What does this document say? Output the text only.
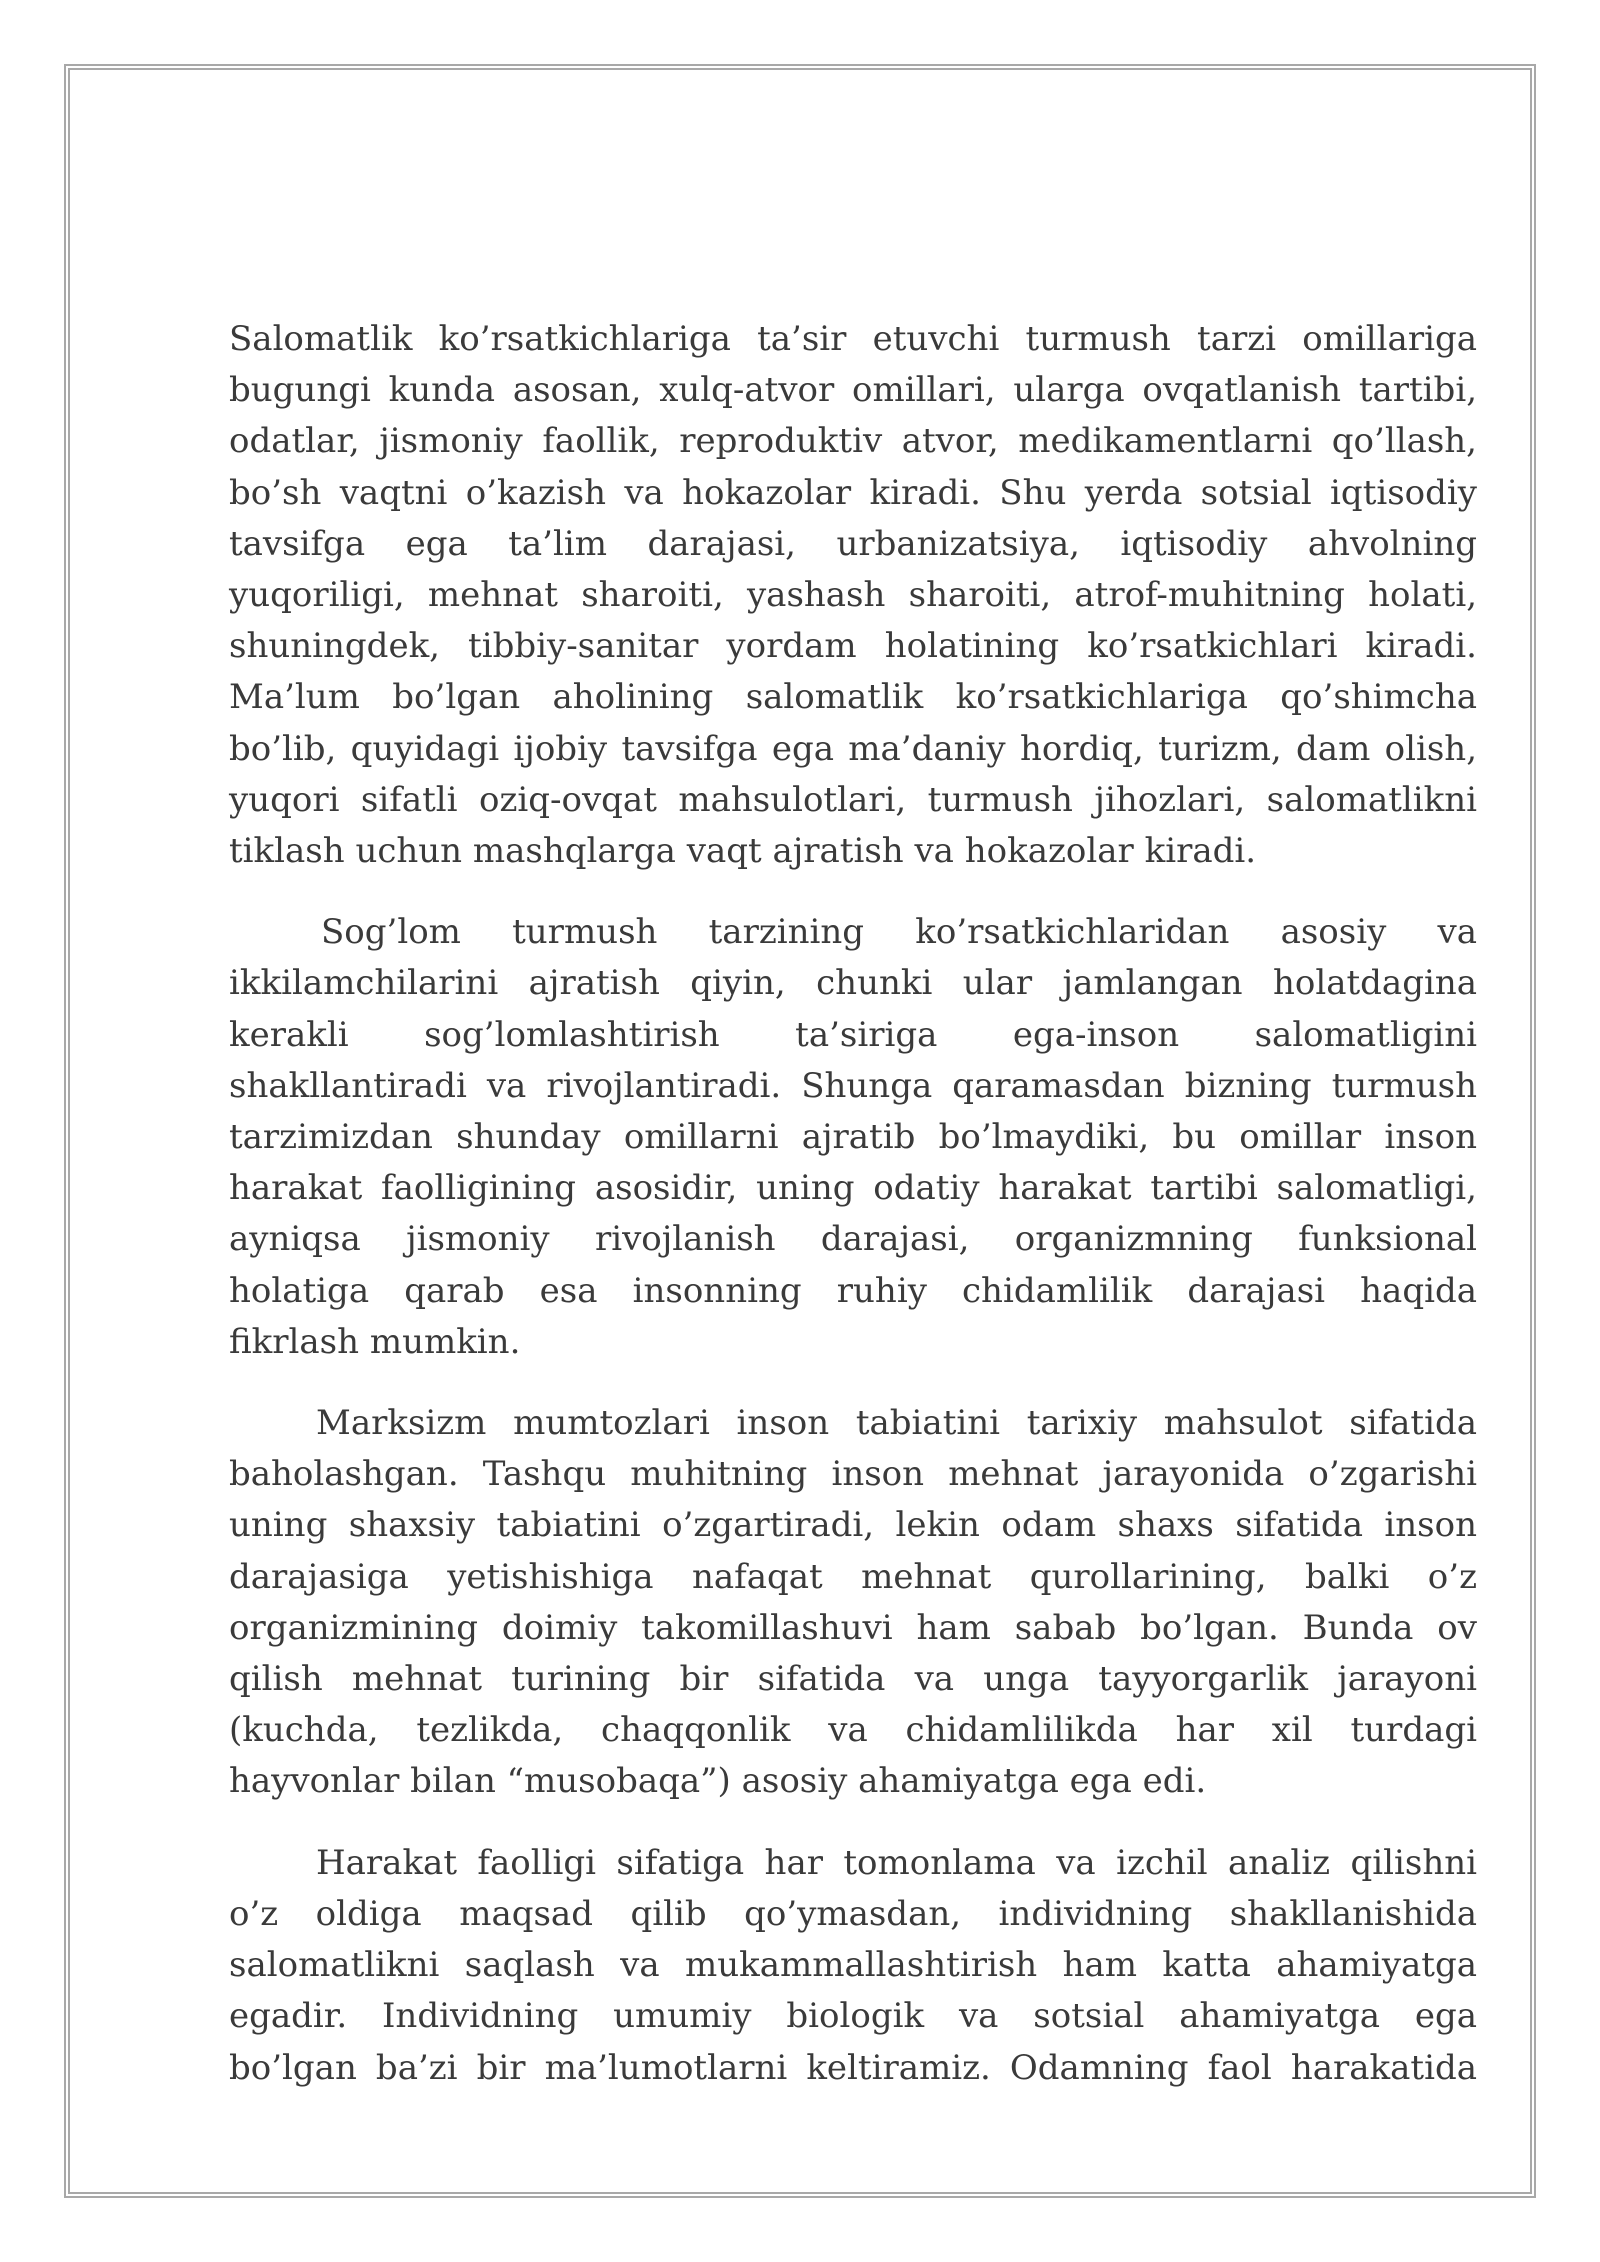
Salomatlik ko’rsatkichlariga ta’sir etuvchi turmush tarzi omillariga
bugungi kunda asosan, xulq-atvor omillari, ularga ovqatlanish tartibi,
odatlar, jismoniy faollik, reproduktiv atvor, medikamentlarni qo’llash,
bo’sh vaqtni o’kazish va hokazolar kiradi. Shu yerda sotsial iqtisodiy
tavsifga ega ta’lim darajasi, urbanizatsiya, iqtisodiy ahvolning
yuqoriligi, mehnat sharoiti, yashash sharoiti, atrof-muhitning holati,
shuningdek, tibbiy-sanitar yordam holatining ko’rsatkichlari kiradi.
Ma’lum bo’lgan aholining salomatlik ko’rsatkichlariga qo’shimcha
bo’lib, quyidagi ijobiy tavsifga ega ma’daniy hordiq, turizm, dam olish,
yuqori sifatli oziq-ovqat mahsulotlari, turmush jihozlari, salomatlikni
tiklash uchun mashqlarga vaqt ajratish va hokazolar kiradi.
Sog’lom turmush tarzining ko’rsatkichlaridan asosiy va
ikkilamchilarini ajratish qiyin, chunki ular jamlangan holatdagina
kerakli sog’lomlashtirish ta’siriga ega-inson salomatligini
shakllantiradi va rivojlantiradi. Shunga qaramasdan bizning turmush
tarzimizdan shunday omillarni ajratib bo’lmaydiki, bu omillar inson
harakat faolligining asosidir, uning odatiy harakat tartibi salomatligi,
ayniqsa jismoniy rivojlanish darajasi, organizmning funksional
holatiga qarab esa insonning ruhiy chidamlilik darajasi haqida
fikrlash mumkin.
Marksizm mumtozlari inson tabiatini tarixiy mahsulot sifatida
baholashgan. Tashqu muhitning inson mehnat jarayonida o’zgarishi
uning shaxsiy tabiatini o’zgartiradi, lekin odam shaxs sifatida inson
darajasiga yetishishiga nafaqat mehnat qurollarining, balki o’z
organizmining doimiy takomillashuvi ham sabab bo’lgan. Bunda ov
qilish mehnat turining bir sifatida va unga tayyorgarlik jarayoni
(kuchda, tezlikda, chaqqonlik va chidamlilikda har xil turdagi
hayvonlar bilan “musobaqa”) asosiy ahamiyatga ega edi.
Harakat faolligi sifatiga har tomonlama va izchil analiz qilishni
o’z oldiga maqsad qilib qo’ymasdan, individning shakllanishida
salomatlikni saqlash va mukammallashtirish ham katta ahamiyatga
egadir. Individning umumiy biologik va sotsial ahamiyatga ega
bo’lgan ba’zi bir ma’lumotlarni keltiramiz. Odamning faol harakatida
